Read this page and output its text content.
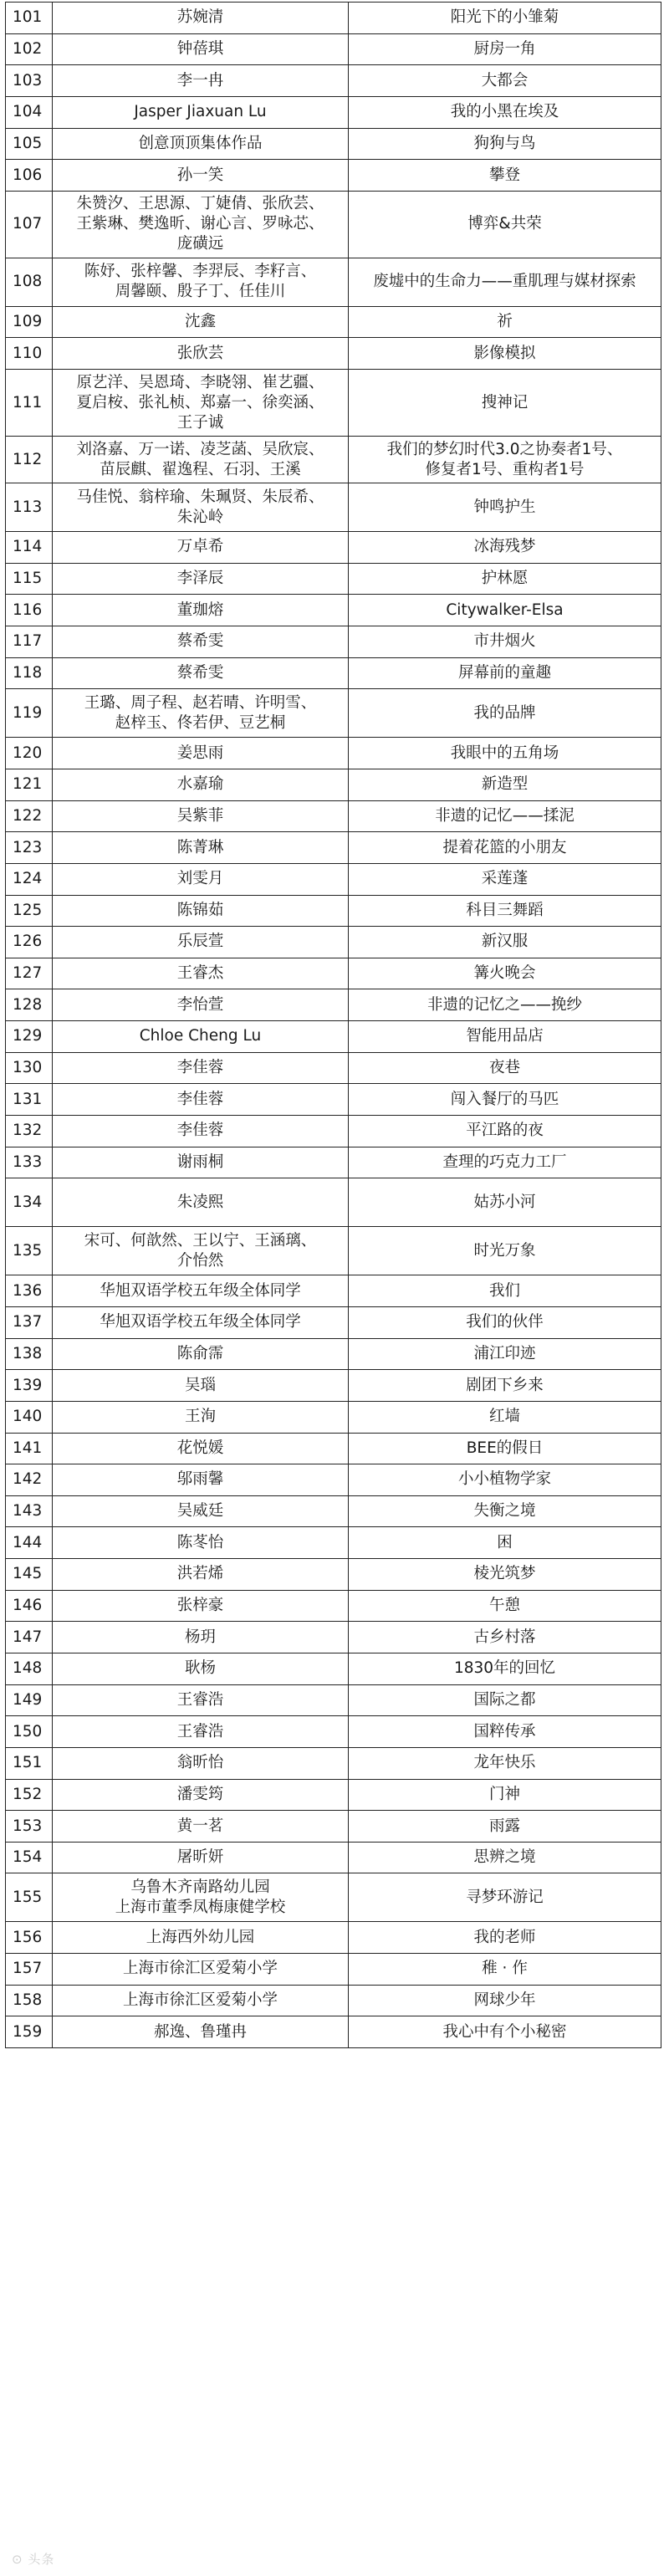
101	苏婉清	阳光下的小雏菊
102	钟蓓琪	厨房一角
103	李一冉	大都会
104	Jasper Jiaxuan Lu	我的小黑在埃及
105	创意顶顶集体作品	狗狗与鸟
106	孙一笑	攀登
107	朱赞汐、王思源、丁婕倩、张欣芸、
王紫琳、樊逸昕、谢心言、罗咏芯、
庞磺远	博弈&共荣
108	陈妤、张梓馨、李羿辰、李籽言、
周馨颐、殷子丁、任佳川	废墟中的生命力——重肌理与媒材探索
109	沈鑫	祈
110	张欣芸	影像模拟
111	原艺洋、吴恩琦、李晓翎、崔艺疆、
夏启桉、张礼桢、郑嘉一、徐奕涵、
王子诚	搜神记
112	刘洛嘉、万一诺、凌芝菡、吴欣宸、
苗辰麒、翟逸程、石羽、王溪	我们的梦幻时代3.0之协奏者1号、
修复者1号、重构者1号
113	马佳悦、翁梓瑜、朱珮贤、朱辰希、
朱沁岭	钟鸣护生
114	万卓希	冰海残梦
115	李泽辰	护林愿
116	董珈熔	Citywalker-Elsa
117	蔡希雯	市井烟火
118	蔡希雯	屏幕前的童趣
119	王璐、周子程、赵若晴、许明雪、
赵梓玉、佟若伊、豆艺桐	我的品牌
120	姜思雨	我眼中的五角场
121	水嘉瑜	新造型
122	吴紫菲	非遗的记忆——揉泥
123	陈菁琳	提着花篮的小朋友
124	刘雯月	采莲蓬
125	陈锦茹	科目三舞蹈
126	乐辰萱	新汉服
127	王睿杰	篝火晚会
128	李怡萱	非遗的记忆之——挽纱
129	Chloe Cheng Lu	智能用品店
130	李佳蓉	夜巷
131	李佳蓉	闯入餐厅的马匹
132	李佳蓉	平江路的夜
133	谢雨桐	查理的巧克力工厂
134	朱凌熙	姑苏小河
135	宋可、何歆然、王以宁、王涵璃、
介怡然	时光万象
136	华旭双语学校五年级全体同学	我们
137	华旭双语学校五年级全体同学	我们的伙伴
138	陈俞霈	浦江印迹
139	吴瑙	剧团下乡来
140	王洵	红墙
141	花悦媛	BEE的假日
142	邬雨馨	小小植物学家
143	吴威廷	失衡之境
144	陈苳怡	困
145	洪若烯	棱光筑梦
146	张梓豪	午憩
147	杨玥	古乡村落
148	耿杨	1830年的回忆
149	王睿浩	国际之都
150	王睿浩	国粹传承
151	翁昕怡	龙年快乐
152	潘雯筠	门神
153	黄一茗	雨露
154	屠昕妍	思辨之境
155	乌鲁木齐南路幼儿园
上海市董季凤梅康健学校	寻梦环游记
156	上海西外幼儿园	我的老师
157	上海市徐汇区爱菊小学	稚 · 作
158	上海市徐汇区爱菊小学	网球少年
159	郝逸、鲁瑾冉	我心中有个小秘密
⊙ 头条
